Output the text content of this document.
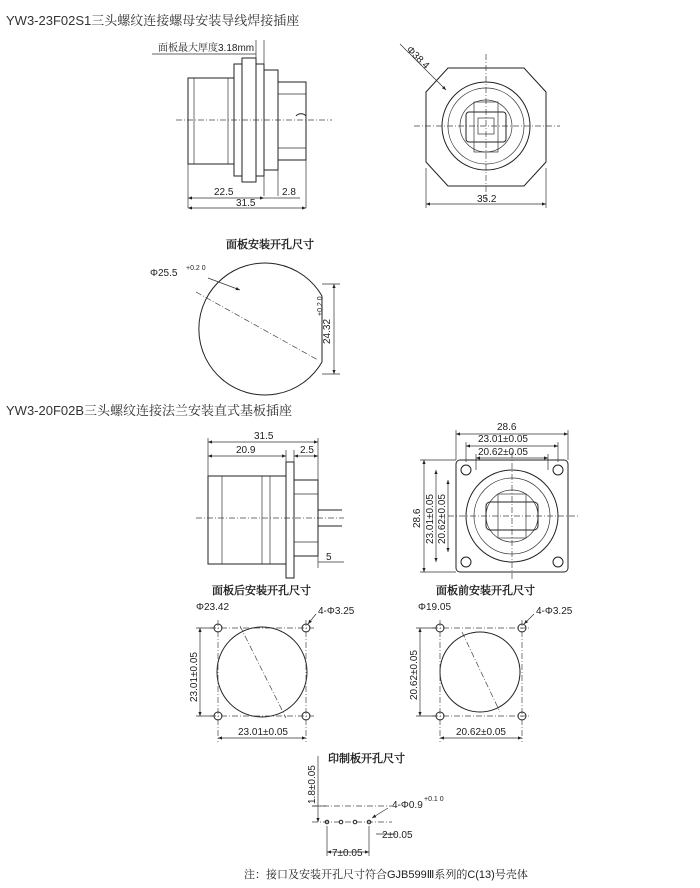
YW3-23F02S1三头螺纹连接螺母安装导线焊接插座
YW3-20F02B三头螺纹连接法兰安装直式基板插座
面板安装开孔尺寸
面板后安装开孔尺寸	面板前安装开孔尺寸
印制板开孔尺寸
注：接口及安装开孔尺寸符合GJB599Ⅲ系列的C(13)号壳体
面板最大厚度3.18mm
22.5	2.8
31.5
Φ38.4
35.2
Φ25.5 +0.2 0
24.32
+0.2 0
31.5
20.9	2.5
5
28.6
23.01±0.05
20.62±0.05
28.6 23.01±0.05 20.62±0.05
Φ23.42	4-Φ3.25
23.01±0.05
23.01±0.05
Φ19.05	4-Φ3.25
20.62±0.05
20.62±0.05
1.8±0.05
4-Φ0.9
+0.1 0
2±0.05
7±0.05
